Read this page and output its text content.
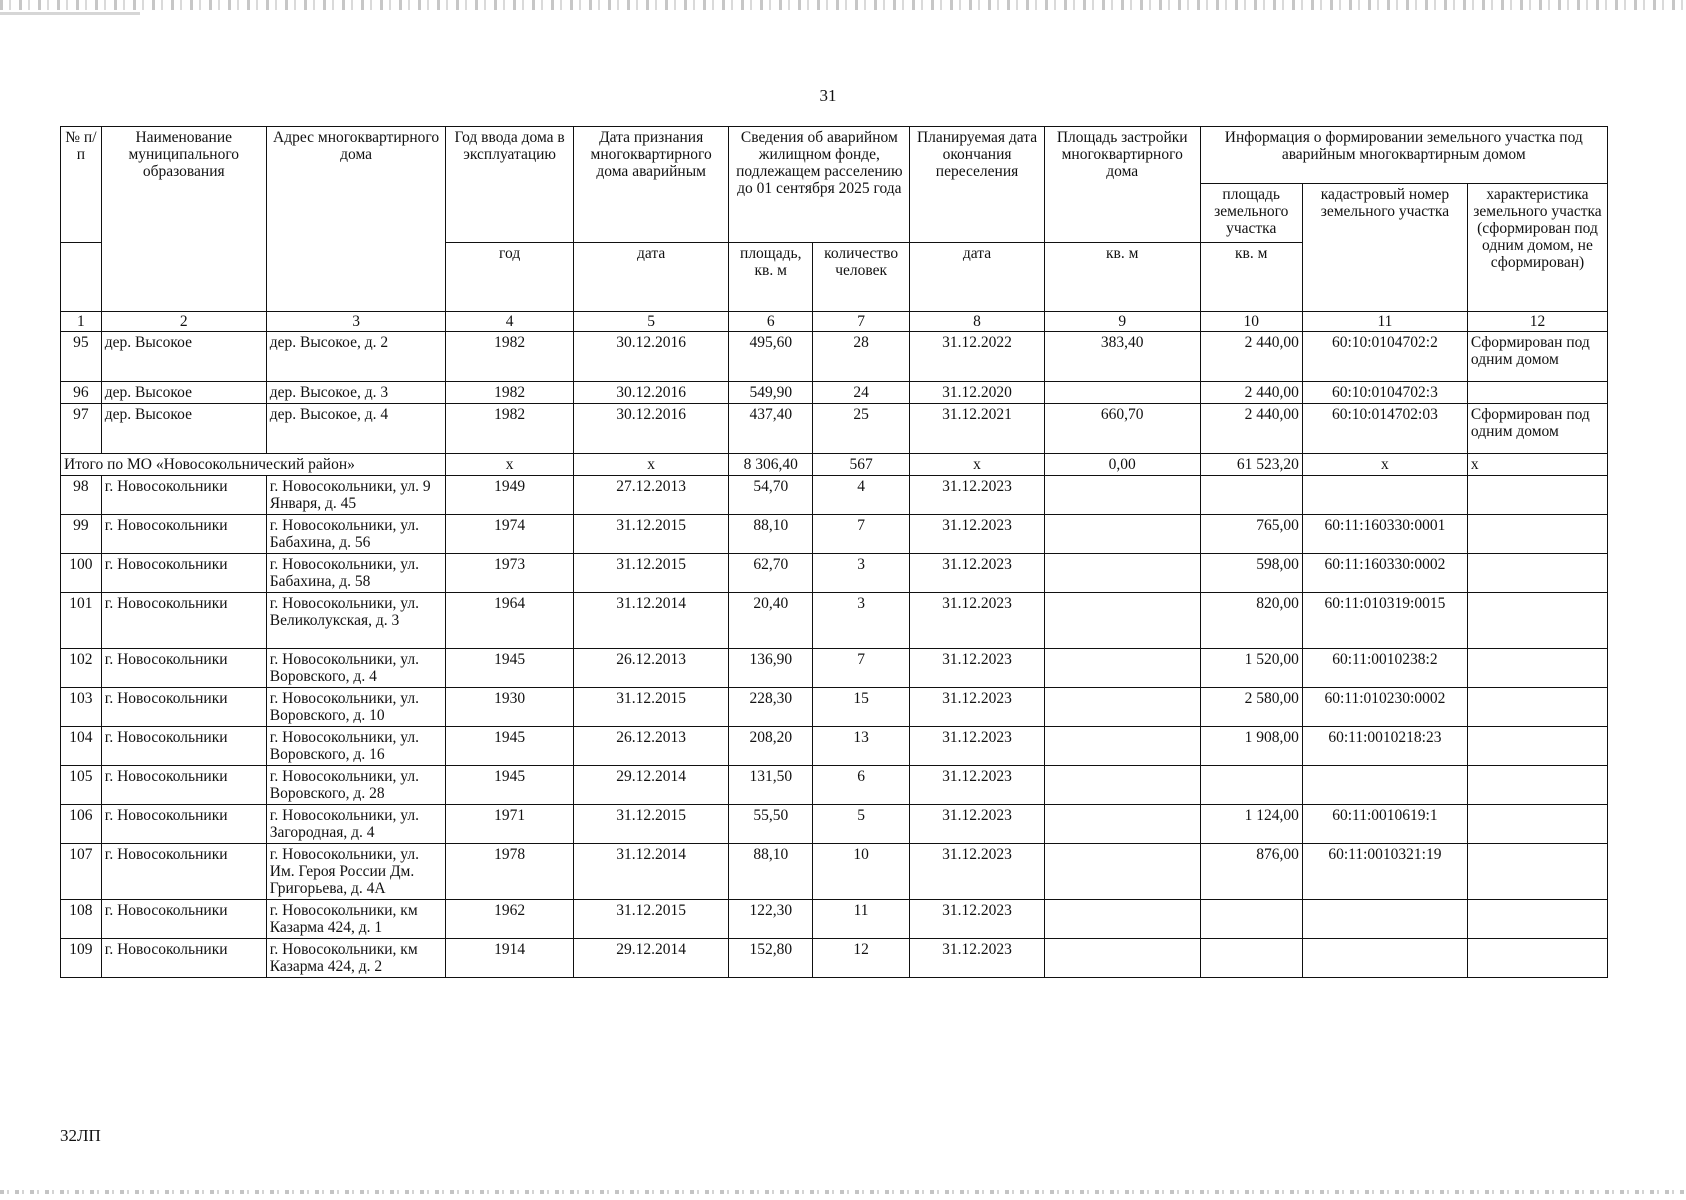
31
№ п/п	Наименование муниципального образования	Адрес многоквартирного дома	Год ввода дома в эксплуатацию	Дата признания многоквартирного дома аварийным	Сведения об аварийном жилищном фонде, подлежащем расселению до 01 сентября 2025 года		Планируемая дата окончания переселения	Площадь застройки многоквартирного дома	Информация о формировании земельного участка под аварийным многоквартирным домом		
									площадь земельного участка	кадастровый номер земельного участка	характеристика земельного участка (сформирован под одним домом, не сформирован)
			год	дата	площадь, кв. м	количество человек	дата	кв. м	кв. м		
1	2	3	4	5	6	7	8	9	10	11	12
95	дер. Высокое	дер. Высокое, д. 2	1982	30.12.2016	495,60	28	31.12.2022	383,40	2 440,00	60:10:0104702:2	Сформирован под одним домом
96	дер. Высокое	дер. Высокое, д. 3	1982	30.12.2016	549,90	24	31.12.2020		2 440,00	60:10:0104702:3	
97	дер. Высокое	дер. Высокое, д. 4	1982	30.12.2016	437,40	25	31.12.2021	660,70	2 440,00	60:10:014702:03	Сформирован под одним домом
Итого по МО «Новосокольнический район»			х	х	8 306,40	567	х	0,00	61 523,20	х	х
98	г. Новосокольники	г. Новосокольники, ул. 9 Января, д. 45	1949	27.12.2013	54,70	4	31.12.2023				
99	г. Новосокольники	г. Новосокольники, ул. Бабахина, д. 56	1974	31.12.2015	88,10	7	31.12.2023		765,00	60:11:160330:0001	
100	г. Новосокольники	г. Новосокольники, ул. Бабахина, д. 58	1973	31.12.2015	62,70	3	31.12.2023		598,00	60:11:160330:0002	
101	г. Новосокольники	г. Новосокольники, ул. Великолукская, д. 3	1964	31.12.2014	20,40	3	31.12.2023		820,00	60:11:010319:0015	
102	г. Новосокольники	г. Новосокольники, ул. Воровского, д. 4	1945	26.12.2013	136,90	7	31.12.2023		1 520,00	60:11:0010238:2	
103	г. Новосокольники	г. Новосокольники, ул. Воровского, д. 10	1930	31.12.2015	228,30	15	31.12.2023		2 580,00	60:11:010230:0002	
104	г. Новосокольники	г. Новосокольники, ул. Воровского, д. 16	1945	26.12.2013	208,20	13	31.12.2023		1 908,00	60:11:0010218:23	
105	г. Новосокольники	г. Новосокольники, ул. Воровского, д. 28	1945	29.12.2014	131,50	6	31.12.2023				
106	г. Новосокольники	г. Новосокольники, ул. Загородная, д. 4	1971	31.12.2015	55,50	5	31.12.2023		1 124,00	60:11:0010619:1	
107	г. Новосокольники	г. Новосокольники, ул. Им. Героя России Дм. Григорьева, д. 4А	1978	31.12.2014	88,10	10	31.12.2023		876,00	60:11:0010321:19	
108	г. Новосокольники	г. Новосокольники, км Казарма 424, д. 1	1962	31.12.2015	122,30	11	31.12.2023				
109	г. Новосокольники	г. Новосокольники, км Казарма 424, д. 2	1914	29.12.2014	152,80	12	31.12.2023				
32ЛП
